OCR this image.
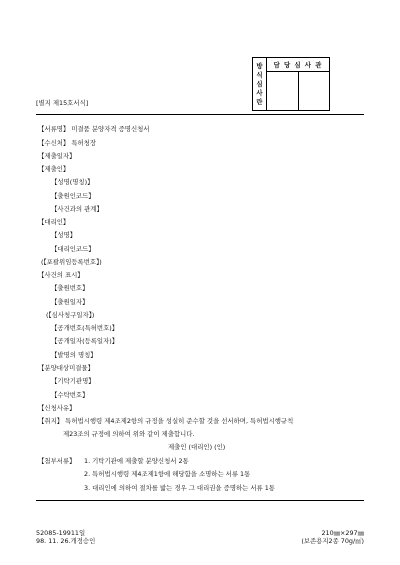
방
식
심
사
란	담 당 심 사 관	

[별지 제15호서식]
【서류명】 미결품 분양자격 증명신청서
【수신처】 특허청장
【제출일자】
【제출인】
【성명(명칭)】
【출원인코드】
【사건과의 관계】
【대리인】
【성명】
【대리인코드】
(【포괄위임등록번호】)
【사건의 표시】
【출원번호】
【출원일자】
(【심사청구일자】)
【공개번호(특허번호)】
【공개일자(등록일자)】
【발명의 명칭】
【분양대상미결물】
【기탁기관명】
【수탁번호】
【신청사유】
【취지】 특허법시행령 제4조제2항의 규정을 성실히 준수할 것을 선서하며, 특허법시행규칙
제23조의 규정에 의하여 위와 같이 제출합니다.
제출인 (대리인) (인)
【첨부서류】 1. 기탁기관에 제출할 분양신청서 2통
2. 특허법시행령 제4조제1항에 해당함을 소명하는 서류 1통
3. 대리인에 의하여 절차를 밟는 경우 그 대리권을 증명하는 서류 1통
52085-19911일
98. 11. 26.개정승인
210㎜×297㎜
(보존용지2종 70g/㎡)
